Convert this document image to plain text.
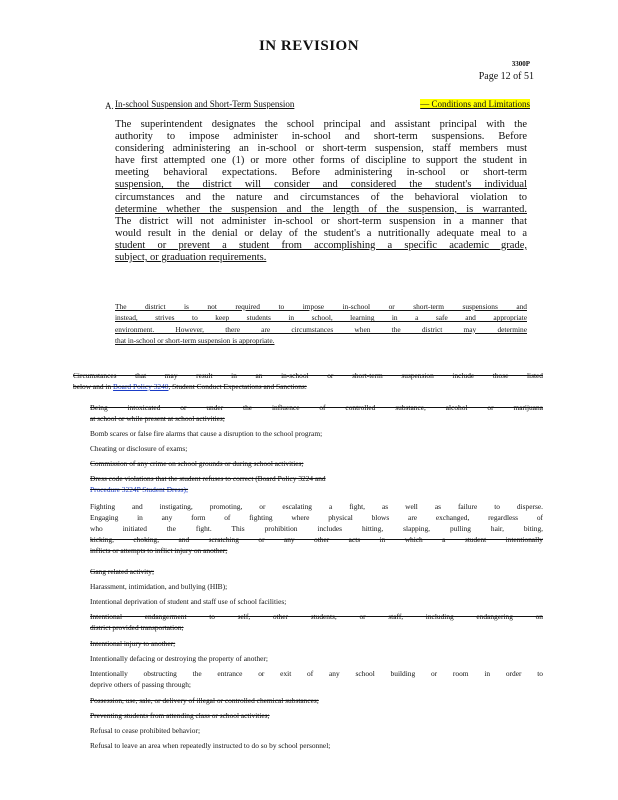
IN REVISION
3300P
Page 12 of 51
A. In-school Suspension and Short-Term Suspension	— Conditions and Limitations
The superintendent designates the school principal and assistant principal with the
authority to impose administer in-school and short-term suspensions. Before
considering administering an in-school or short-term suspension, staff members must
have first attempted one (1) or more other forms of discipline to support the student in
meeting behavioral expectations. Before administering in-school or short-term
suspension, the district will consider and considered the student's individual
circumstances and the nature and circumstances of the behavioral violation to
determine whether the suspension and the length of the suspension, is warranted.
The district will not administer in-school or short-term suspension in a manner that
would result in the denial or delay of the student's a nutritionally adequate meal to a
student or prevent a student from accomplishing a specific academic grade,
subject, or graduation requirements.
The district is not required to impose in-school or short-term suspensions and
instead, strives to keep students in school, learning in a safe and appropriate
environment. However, there are circumstances when the district may determine
that in-school or short-term suspension is appropriate.
Circumstances that may result in an in-school or short-term suspension include those listed
below and in Board Policy 3240, Student Conduct Expectations and Sanctions:
Being intoxicated or under the influence of controlled substance, alcohol or marijuana
at school or while present at school activities;
Bomb scares or false fire alarms that cause a disruption to the school program;
Cheating or disclosure of exams;
Commission of any crime on school grounds or during school activities;
Dress code violations that the student refuses to correct (Board Policy 3224 and
Procedure 3224P Student Dress);
Fighting and instigating, promoting, or escalating a fight, as well as failure to disperse.
Engaging in any form of fighting where physical blows are exchanged, regardless of
who initiated the fight. This prohibition includes hitting, slapping, pulling hair, biting,
kicking, choking, and scratching or any other acts in which a student intentionally
inflicts or attempts to inflict injury on another;
Gang related activity;
Harassment, intimidation, and bullying (HIB);
Intentional deprivation of student and staff use of school facilities;
Intentional endangerment to self, other students, or staff, including endangering on
district provided transportation;
Intentional injury to another;
Intentionally defacing or destroying the property of another;
Intentionally obstructing the entrance or exit of any school building or room in order to
deprive others of passing through;
Possession, use, sale, or delivery of illegal or controlled chemical substances;
Preventing students from attending class or school activities;
Refusal to cease prohibited behavior;
Refusal to leave an area when repeatedly instructed to do so by school personnel;
